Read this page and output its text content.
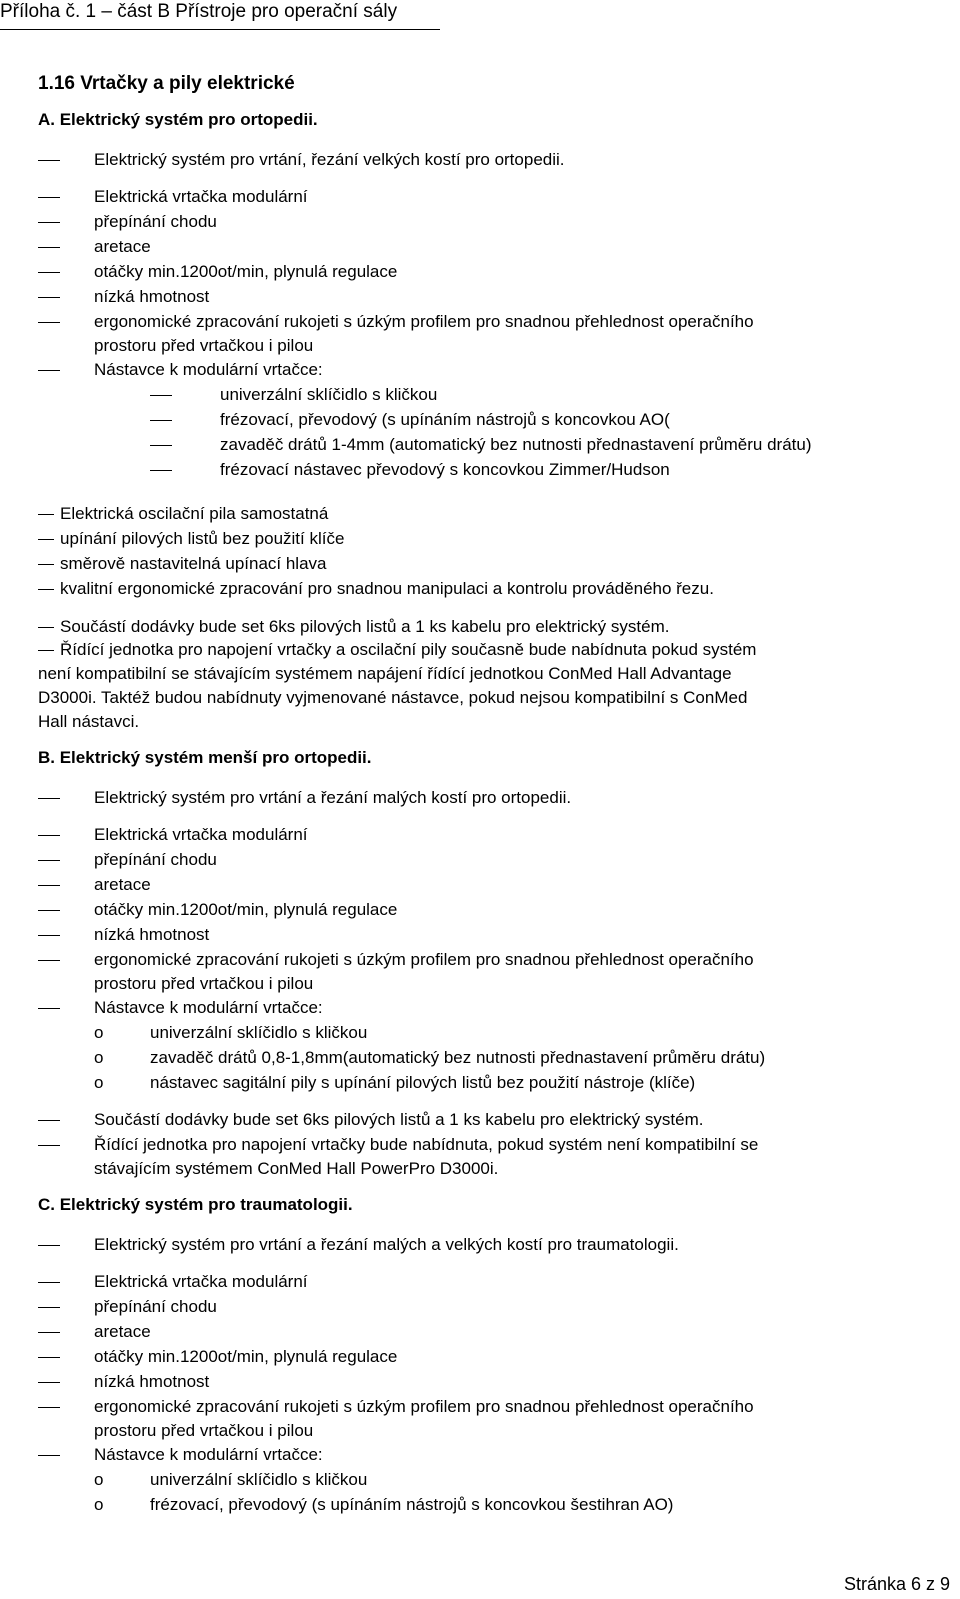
Příloha č. 1 – část B Přístroje pro operační sály
1.16 Vrtačky a pily elektrické
A. Elektrický systém pro ortopedii.
Elektrický systém pro vrtání, řezání velkých kostí pro ortopedii.
Elektrická vrtačka modulární
přepínání chodu
aretace
otáčky min.1200ot/min, plynulá regulace
nízká hmotnost
ergonomické zpracování rukojeti s úzkým profilem pro snadnou přehlednost operačního
prostoru před vrtačkou i pilou
Nástavce k modulární vrtačce:
univerzální sklíčidlo s kličkou
frézovací, převodový (s upínáním nástrojů s koncovkou AO(
zavaděč drátů 1-4mm (automatický bez nutnosti přednastavení průměru drátu)
frézovací nástavec převodový s koncovkou Zimmer/Hudson
Elektrická oscilační pila samostatná
upínání pilových listů bez použití klíče
směrově nastavitelná upínací hlava
kvalitní ergonomické zpracování pro snadnou manipulaci a kontrolu prováděného řezu.
Součástí dodávky bude set 6ks pilových listů a 1 ks kabelu pro elektrický systém.
Řídící jednotka pro napojení vrtačky a oscilační pily současně bude nabídnuta pokud systém
není kompatibilní se stávajícím systémem napájení řídící jednotkou ConMed Hall Advantage
D3000i. Taktéž budou nabídnuty vyjmenované nástavce, pokud nejsou kompatibilní s ConMed
Hall nástavci.
B. Elektrický systém menší pro ortopedii.
Elektrický systém pro vrtání a řezání malých kostí pro ortopedii.
Elektrická vrtačka modulární
přepínání chodu
aretace
otáčky min.1200ot/min, plynulá regulace
nízká hmotnost
ergonomické zpracování rukojeti s úzkým profilem pro snadnou přehlednost operačního
prostoru před vrtačkou i pilou
Nástavce k modulární vrtačce:
o	univerzální sklíčidlo s kličkou
o	zavaděč drátů 0,8-1,8mm(automatický bez nutnosti přednastavení průměru drátu)
o	nástavec sagitální pily s upínání pilových listů bez použití nástroje (klíče)
Součástí dodávky bude set 6ks pilových listů a 1 ks kabelu pro elektrický systém.
Řídící jednotka pro napojení vrtačky bude nabídnuta, pokud systém není kompatibilní se
stávajícím systémem ConMed Hall PowerPro D3000i.
C. Elektrický systém pro traumatologii.
Elektrický systém pro vrtání a řezání malých a velkých kostí pro traumatologii.
Elektrická vrtačka modulární
přepínání chodu
aretace
otáčky min.1200ot/min, plynulá regulace
nízká hmotnost
ergonomické zpracování rukojeti s úzkým profilem pro snadnou přehlednost operačního
prostoru před vrtačkou i pilou
Nástavce k modulární vrtačce:
o	univerzální sklíčidlo s kličkou
o	frézovací, převodový (s upínáním nástrojů s koncovkou šestihran AO)
Stránka 6 z 9
